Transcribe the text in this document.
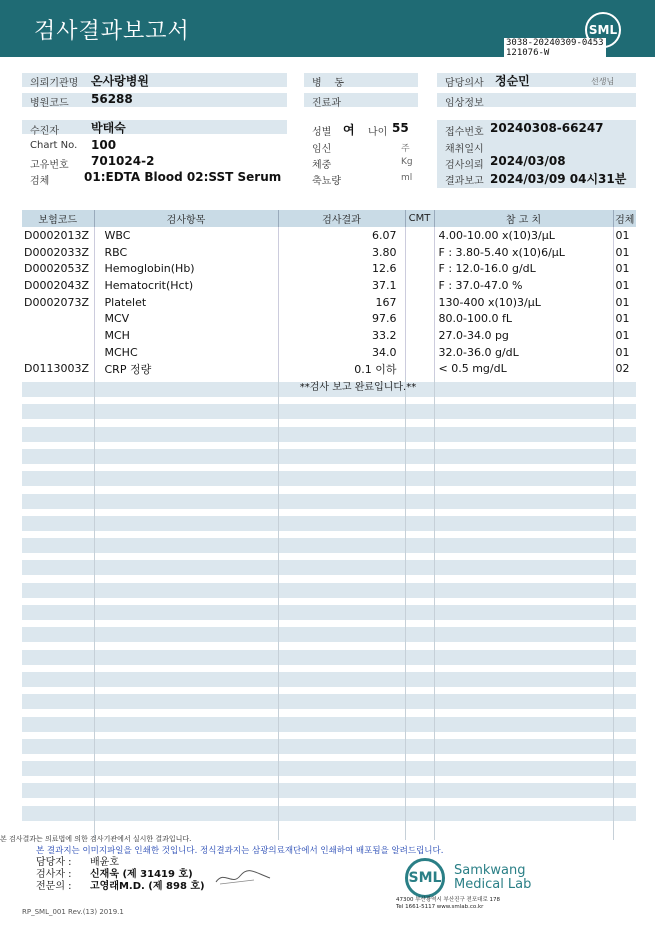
검사결과보고서	SML
3038-20240309-0453
121076-W
의뢰기관명 온사랑병원	병    동	담당의사 정순민	선생님
병원코드 56288	진료과	임상정보
수진자	박태숙	성별 여 나이 55	접수번호 20240308-66247
Chart No. 100	임신	주	채취일시
고유번호 701024-2	체중	Kg	검사의뢰 2024/03/08
검체	01:EDTA Blood 02:SST Serum	축뇨량	ml	결과보고 2024/03/09 04시31분
보험코드	검사항목	검사결과	CMT	참 고 치	검체
D0002013Z	WBC	6.07		4.00-10.00 x(10)3/μL	01
D0002033Z	RBC	3.80		F : 3.80-5.40 x(10)6/μL	01
D0002053Z	Hemoglobin(Hb)	12.6		F : 12.0-16.0 g/dL	01
D0002043Z	Hematocrit(Hct)	37.1		F : 37.0-47.0 %	01
D0002073Z	Platelet	167		130-400 x(10)3/μL	01
	MCV	97.6		80.0-100.0 fL	01
	MCH	33.2		27.0-34.0 pg	01
	MCHC	34.0		32.0-36.0 g/dL	01
D0113003Z	CRP 정량	0.1 이하		< 0.5 mg/dL	02
**검사 보고 완료입니다.**
본 검사결과는 의료법에 의한 검사기관에서 실시한 결과입니다.
본 결과지는 이미지파일을 인쇄한 것입니다. 정식결과지는 삼광의료재단에서 인쇄하여 배포됨을 알려드립니다.
담당자 : 배윤호
검사자 : 신재욱 (제 31419 호)
전문의 : 고영래M.D. (제 898 호)
SML Samkwang
Medical Lab
47300 부산광역시 부산진구 전포대로 178
Tel 1661-5117 www.smlab.co.kr
RP_SML_001 Rev.(13) 2019.1
